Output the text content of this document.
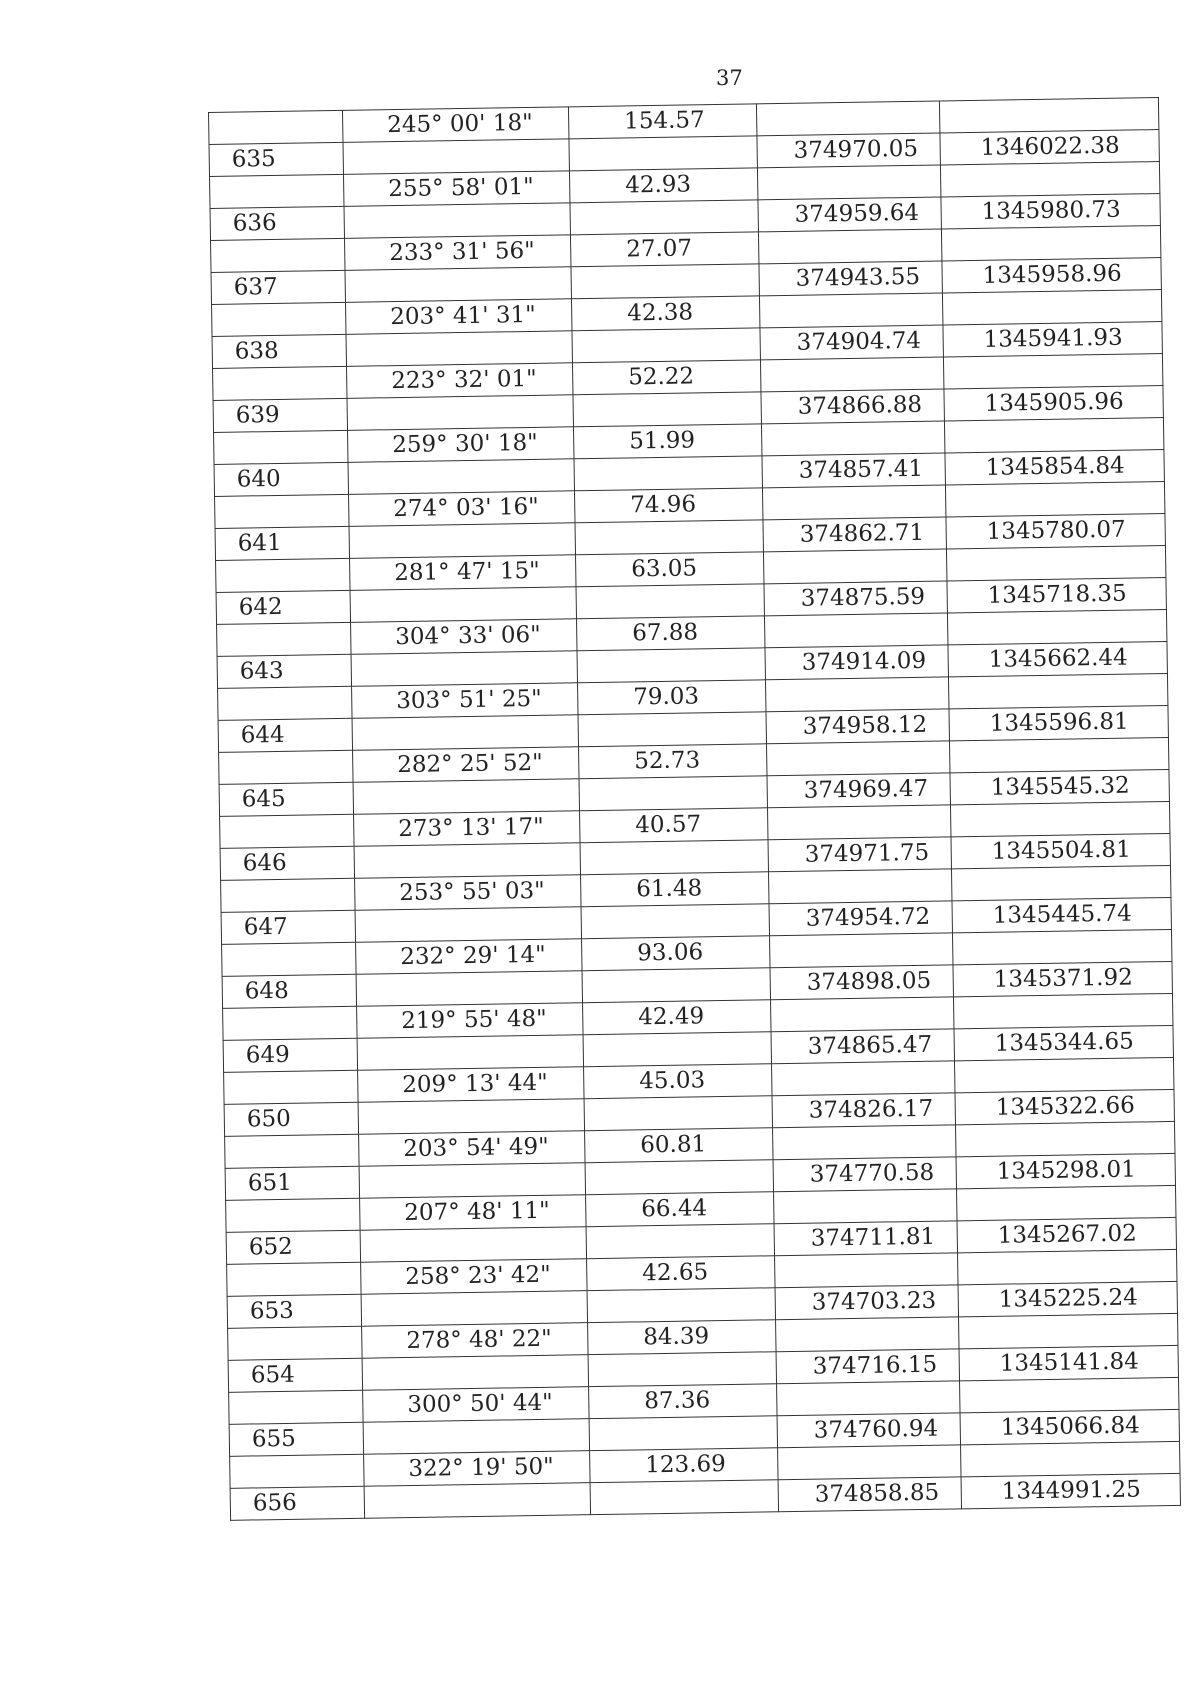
37
	245° 00' 18"	154.57		
635			374970.05	1346022.38
	255° 58' 01"	42.93		
636			374959.64	1345980.73
	233° 31' 56"	27.07		
637			374943.55	1345958.96
	203° 41' 31"	42.38		
638			374904.74	1345941.93
	223° 32' 01"	52.22		
639			374866.88	1345905.96
	259° 30' 18"	51.99		
640			374857.41	1345854.84
	274° 03' 16"	74.96		
641			374862.71	1345780.07
	281° 47' 15"	63.05		
642			374875.59	1345718.35
	304° 33' 06"	67.88		
643			374914.09	1345662.44
	303° 51' 25"	79.03		
644			374958.12	1345596.81
	282° 25' 52"	52.73		
645			374969.47	1345545.32
	273° 13' 17"	40.57		
646			374971.75	1345504.81
	253° 55' 03"	61.48		
647			374954.72	1345445.74
	232° 29' 14"	93.06		
648			374898.05	1345371.92
	219° 55' 48"	42.49		
649			374865.47	1345344.65
	209° 13' 44"	45.03		
650			374826.17	1345322.66
	203° 54' 49"	60.81		
651			374770.58	1345298.01
	207° 48' 11"	66.44		
652			374711.81	1345267.02
	258° 23' 42"	42.65		
653			374703.23	1345225.24
	278° 48' 22"	84.39		
654			374716.15	1345141.84
	300° 50' 44"	87.36		
655			374760.94	1345066.84
	322° 19' 50"	123.69		
656			374858.85	1344991.25
